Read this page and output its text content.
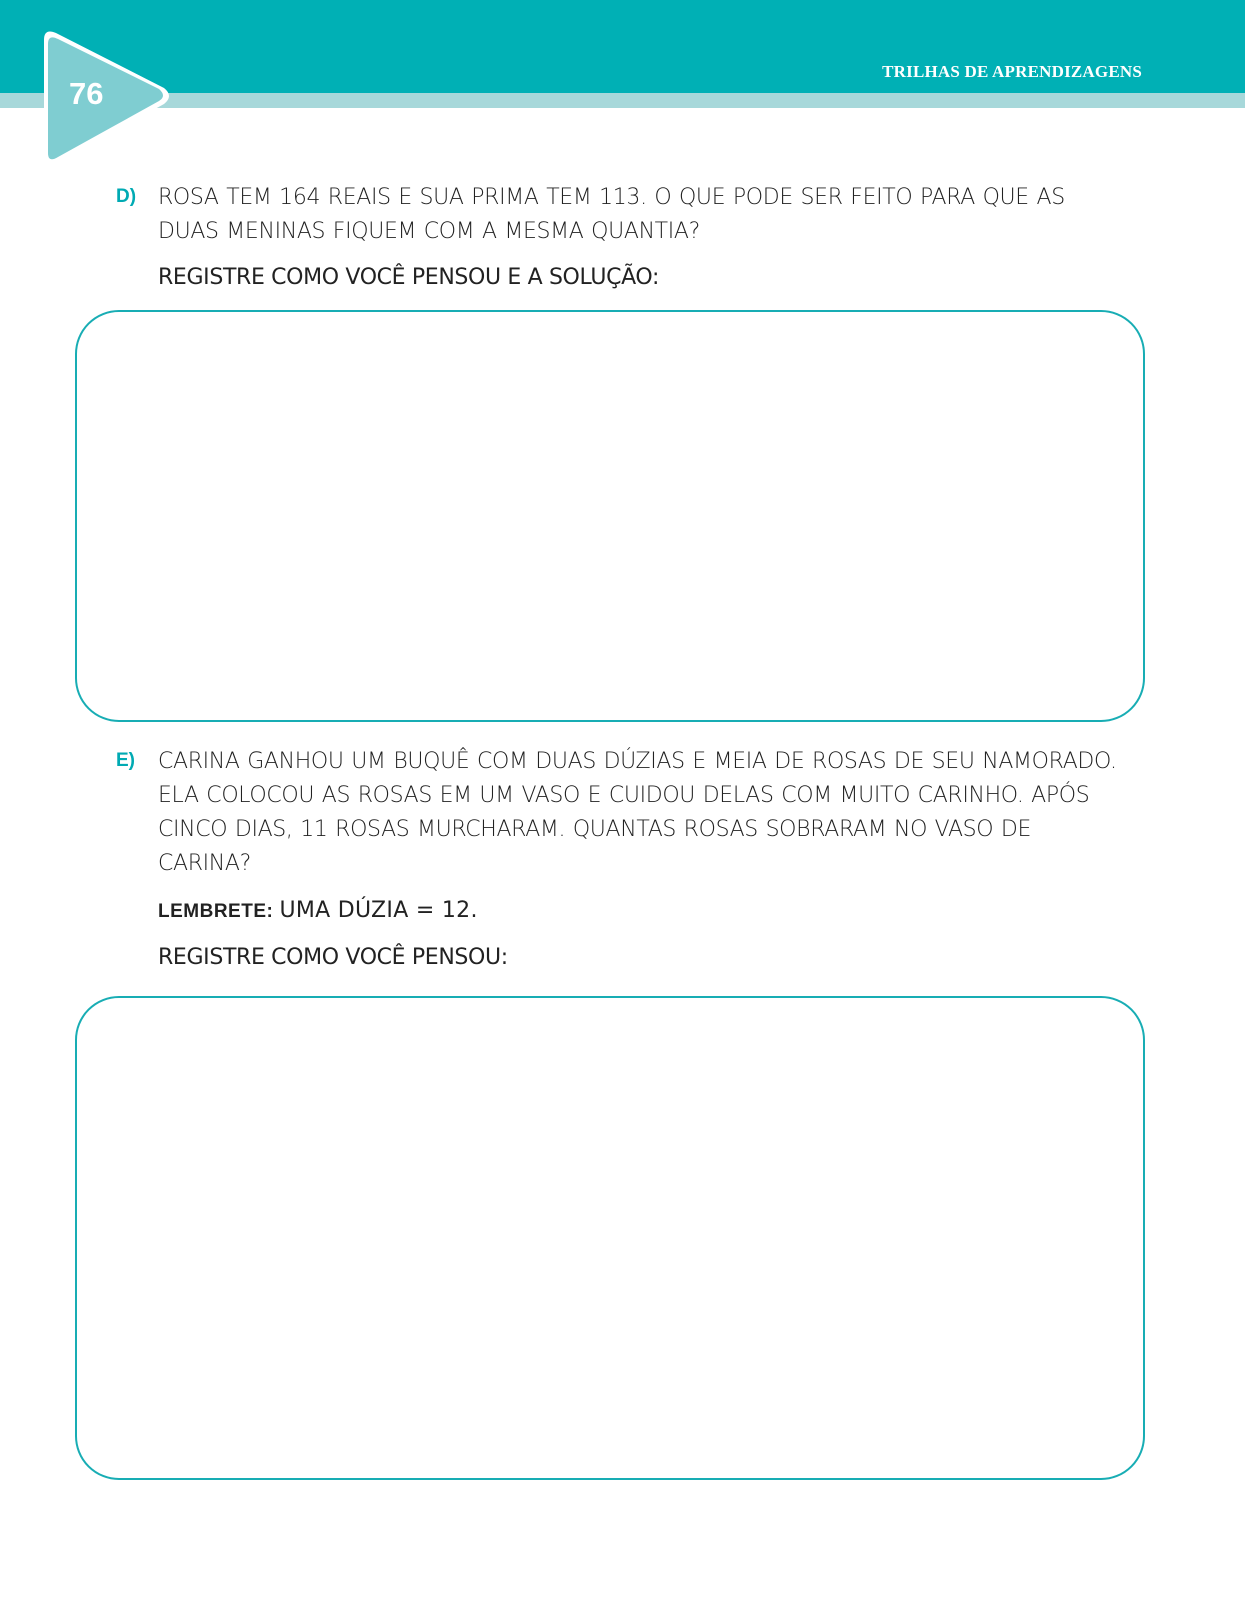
TRILHAS DE APRENDIZAGENS

76
D) ROSA TEM 164 REAIS E SUA PRIMA TEM 113. O QUE PODE SER FEITO PARA QUE AS DUAS MENINAS FIQUEM COM A MESMA QUANTIA?

REGISTRE COMO VOCÊ PENSOU E A SOLUÇÃO:

E) CARINA GANHOU UM BUQUÊ COM DUAS DÚZIAS E MEIA DE ROSAS DE SEU NAMORADO. ELA COLOCOU AS ROSAS EM UM VASO E CUIDOU DELAS COM MUITO CARINHO. APÓS CINCO DIAS, 11 ROSAS MURCHARAM. QUANTAS ROSAS SOBRARAM NO VASO DE CARINA?

LEMBRETE: UMA DÚZIA = 12.

REGISTRE COMO VOCÊ PENSOU:
